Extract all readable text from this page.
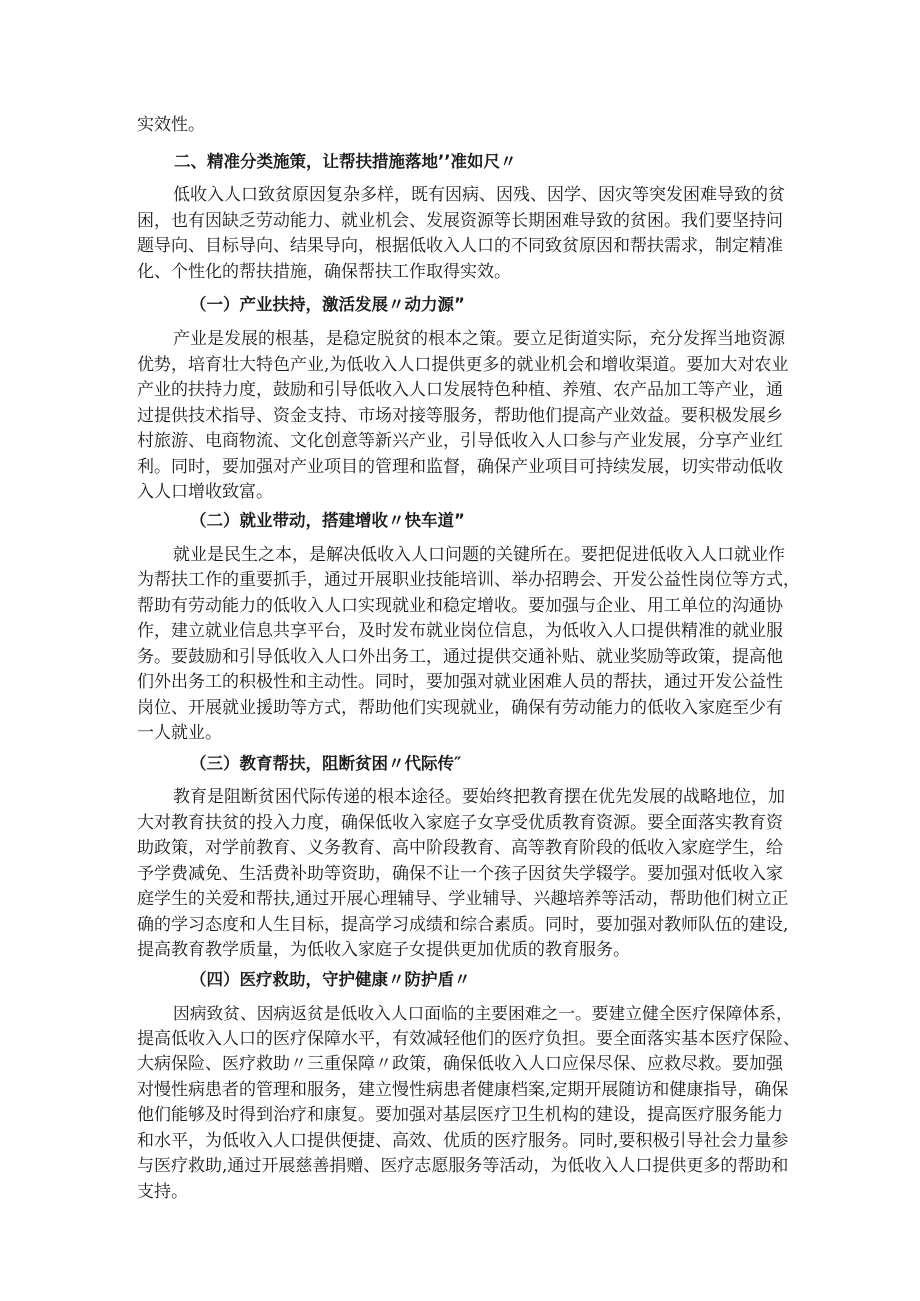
实效性。
二、精准分类施策，让帮扶措施落地’’准如尺〃
低收入人口致贫原因复杂多样，既有因病、因残、因学、因灾等突发困难导致的贫
困，也有因缺乏劳动能力、就业机会、发展资源等长期困难导致的贫困。我们要坚持问
题导向、目标导向、结果导向，根据低收入人口的不同致贫原因和帮扶需求，制定精准
化、个性化的帮扶措施，确保帮扶工作取得实效。
（一）产业扶持，激活发展〃动力源”
产业是发展的根基，是稳定脱贫的根本之策。要立足街道实际，充分发挥当地资源
优势，培育壮大特色产业,为低收入人口提供更多的就业机会和增收渠道。要加大对农业
产业的扶持力度，鼓励和引导低收入人口发展特色种植、养殖、农产品加工等产业，通
过提供技术指导、资金支持、市场对接等服务，帮助他们提高产业效益。要积极发展乡
村旅游、电商物流、文化创意等新兴产业，引导低收入人口参与产业发展，分享产业红
利。同时，要加强对产业项目的管理和监督，确保产业项目可持续发展，切实带动低收
入人口增收致富。
（二）就业带动，搭建增收〃快车道”
就业是民生之本，是解决低收入人口问题的关键所在。要把促进低收入人口就业作
为帮扶工作的重要抓手，通过开展职业技能培训、举办招聘会、开发公益性岗位等方式，
帮助有劳动能力的低收入人口实现就业和稳定增收。要加强与企业、用工单位的沟通协
作，建立就业信息共享平台，及时发布就业岗位信息，为低收入人口提供精准的就业服
务。要鼓励和引导低收入人口外出务工，通过提供交通补贴、就业奖励等政策，提高他
们外出务工的积极性和主动性。同时，要加强对就业困难人员的帮扶，通过开发公益性
岗位、开展就业援助等方式，帮助他们实现就业，确保有劳动能力的低收入家庭至少有
一人就业。
（三）教育帮扶，阻断贫困〃代际传″
教育是阻断贫困代际传递的根本途径。要始终把教育摆在优先发展的战略地位，加
大对教育扶贫的投入力度，确保低收入家庭子女享受优质教育资源。要全面落实教育资
助政策，对学前教育、义务教育、高中阶段教育、高等教育阶段的低收入家庭学生，给
予学费减免、生活费补助等资助，确保不让一个孩子因贫失学辍学。要加强对低收入家
庭学生的关爱和帮扶,通过开展心理辅导、学业辅导、兴趣培养等活动，帮助他们树立正
确的学习态度和人生目标，提高学习成绩和综合素质。同时，要加强对教师队伍的建设,
提高教育教学质量，为低收入家庭子女提供更加优质的教育服务。
（四）医疗救助，守护健康〃防护盾〃
因病致贫、因病返贫是低收入人口面临的主要困难之一。要建立健全医疗保障体系，
提高低收入人口的医疗保障水平，有效减轻他们的医疗负担。要全面落实基本医疗保险、
大病保险、医疗救助〃三重保障〃政策，确保低收入人口应保尽保、应救尽救。要加强
对慢性病患者的管理和服务，建立慢性病患者健康档案,定期开展随访和健康指导，确保
他们能够及时得到治疗和康复。要加强对基层医疗卫生机构的建设，提高医疗服务能力
和水平，为低收入人口提供便捷、高效、优质的医疗服务。同时,要积极引导社会力量参
与医疗救助,通过开展慈善捐赠、医疗志愿服务等活动，为低收入人口提供更多的帮助和
支持。
